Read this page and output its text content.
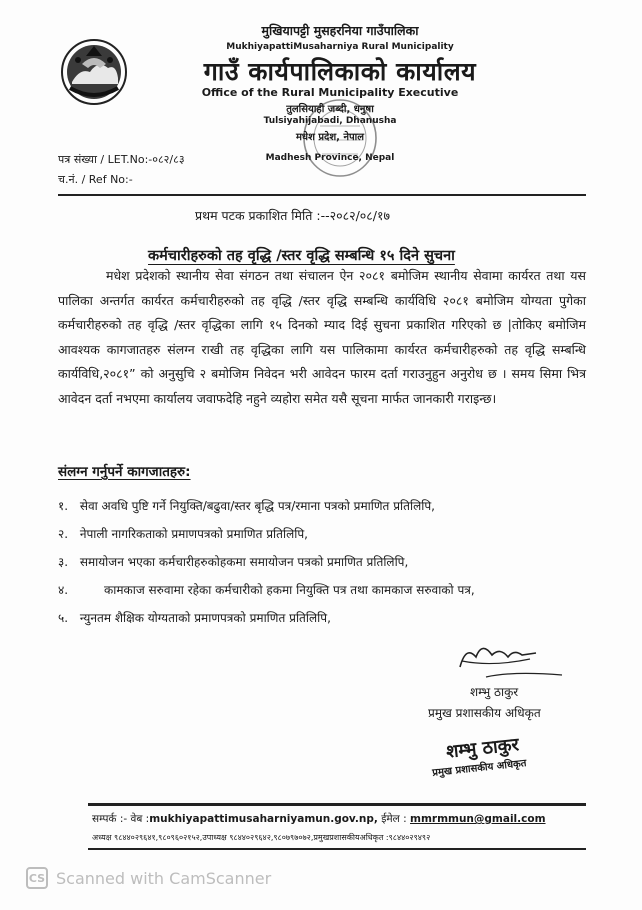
मुखियापट्टी मुसहरनिया गाउँपालिका
MukhiyapattiMusaharniya Rural Municipality
गाउँ कार्यपालिकाको कार्यालय
Office of the Rural Municipality Executive
तुलसियाही जब्दी, धनुषा
Tulsiyahijabadi, Dhanusha
मधेश प्रदेश, नेपाल
Madhesh Province, Nepal
पत्र संख्या / LET.No:-०८२/८३
च.नं. / Ref No:-
प्रथम पटक प्रकाशित मिति :--२०८२/०८/१७
कर्मचारीहरुको तह वृद्धि /स्तर वृद्धि सम्बन्धि १५ दिने सुचना

मधेश प्रदेशको स्थानीय सेवा संगठन तथा संचालन ऐन २०८१ बमोजिम स्थानीय सेवामा कार्यरत तथा यस पालिका अन्तर्गत कार्यरत कर्मचारीहरुको तह वृद्धि /स्तर वृद्धि सम्बन्धि कार्यविधि २०८१ बमोजिम योग्यता पुगेका कर्मचारीहरुको तह वृद्धि /स्तर वृद्धिका लागि १५ दिनको म्याद दिई सुचना प्रकाशित गरिएको छ |तोकिए बमोजिम आवश्यक कागजातहरु संलग्न राखी तह वृद्धिका लागि यस पालिकामा कार्यरत कर्मचारीहरुको तह वृद्धि सम्बन्धि कार्यविधि,२०८१” को अनुसुचि २ बमोजिम निवेदन भरी आवेदन फारम दर्ता गराउनुहुन अनुरोध छ । समय सिमा भित्र आवेदन दर्ता नभएमा कार्यालय जवाफदेहि नहुने व्यहोरा समेत यसै सूचना मार्फत जानकारी गराइन्छ।

संलग्न गर्नुपर्ने कागजातहरु:
१. सेवा अवधि पुष्टि गर्ने नियुक्ति/बढुवा/स्तर बृद्धि पत्र/रमाना पत्रको प्रमाणित प्रतिलिपि,
२. नेपाली नागरिकताको प्रमाणपत्रको प्रमाणित प्रतिलिपि,
३. समायोजन भएका कर्मचारीहरुकोहकमा समायोजन पत्रको प्रमाणित प्रतिलिपि,
४.	कामकाज सरुवामा रहेका कर्मचारीको हकमा नियुक्ति पत्र तथा कामकाज सरुवाको पत्र,
५. न्युनतम शैक्षिक योग्यताको प्रमाणपत्रको प्रमाणित प्रतिलिपि,
शम्भु ठाकुर
प्रमुख प्रशासकीय अधिकृत
शम्भु ठाकुर
प्रमुख प्रशासकीय अधिकृत
सम्पर्क :- वेब :mukhiyapattimusaharniyamun.gov.np, ईमेल : mmrmmun@gmail.com
अध्यक्ष ९८४४०२९६४१,९८०९६०२१५२,उपाध्यक्ष ९८४४०२९६४२,९८०७९७०७२,प्रमुखप्रशासकीयअधिकृत :९८४४०२९४९२
CS Scanned with CamScanner
